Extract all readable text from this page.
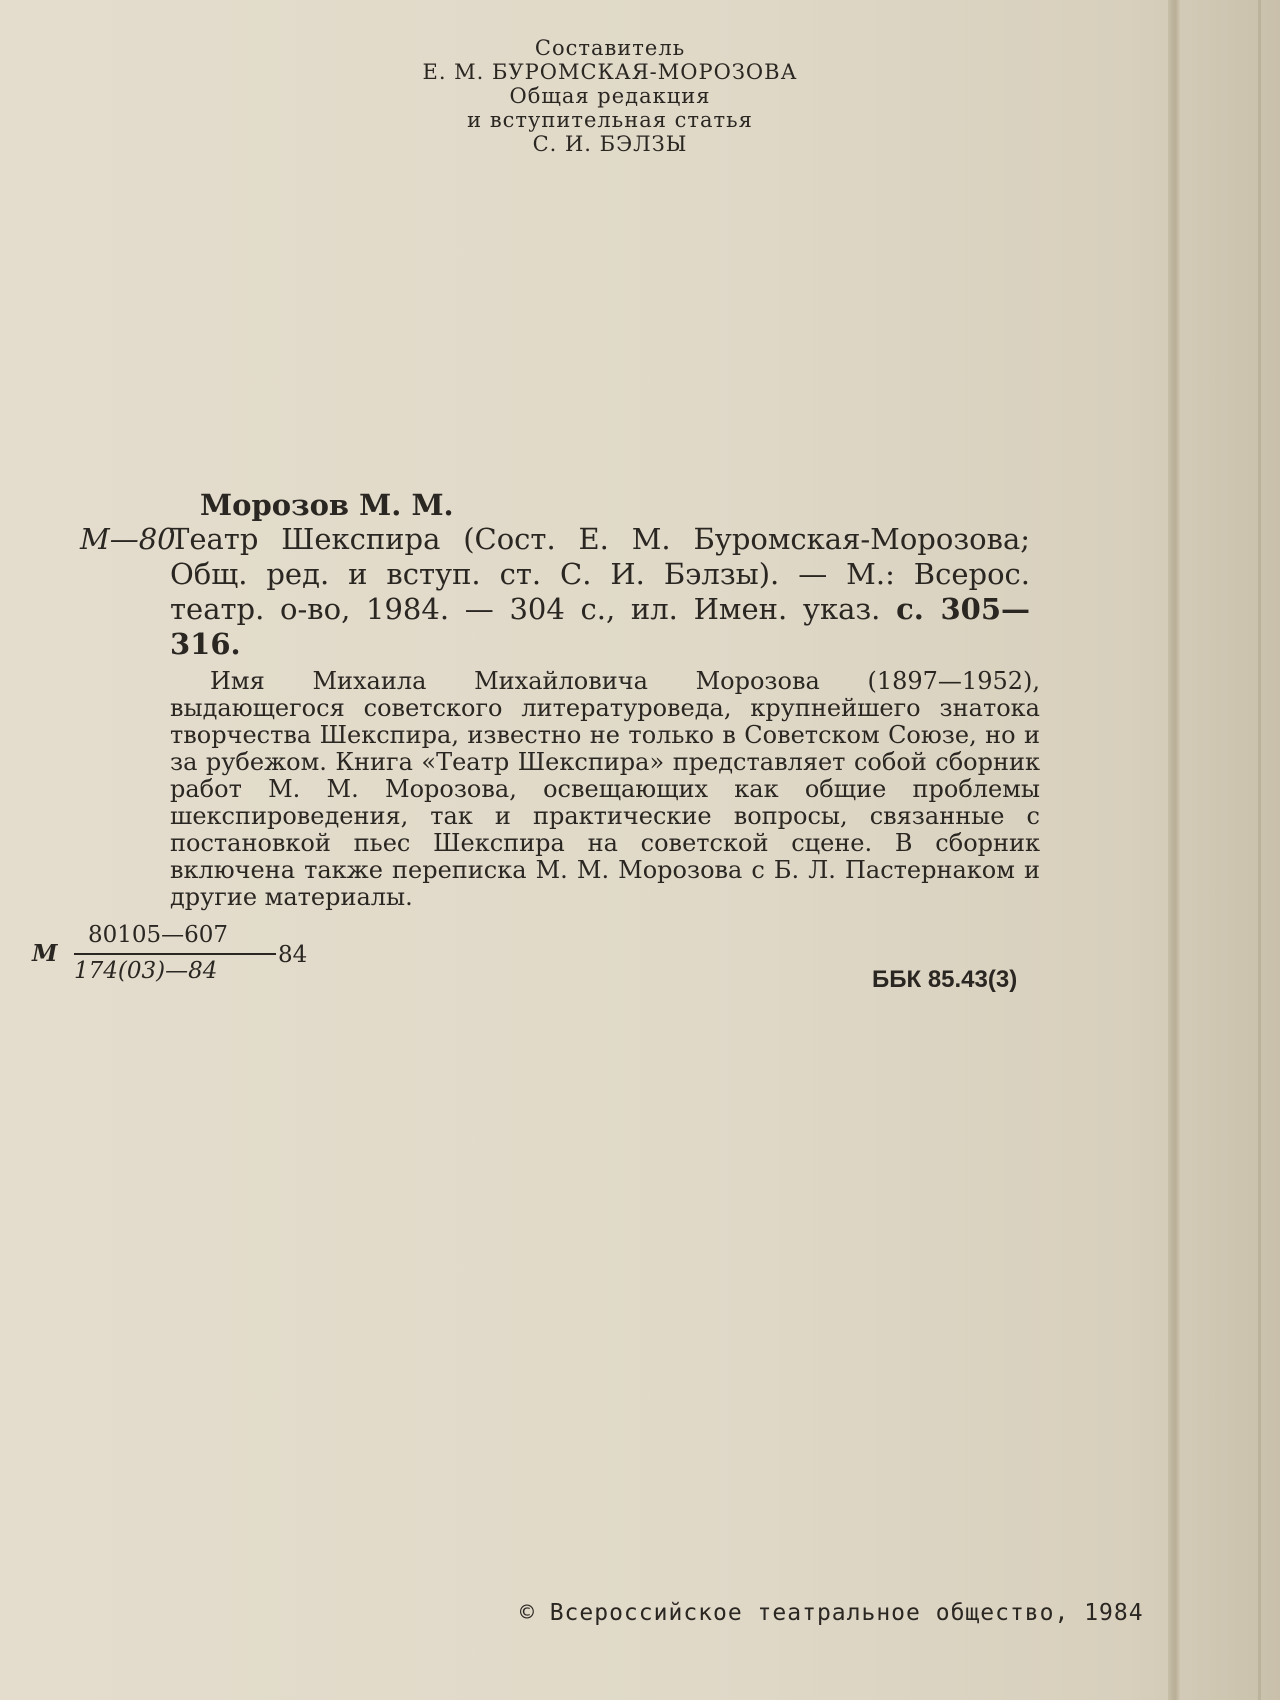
Составитель
Е. М. БУРОМСКАЯ-МОРОЗОВА
Общая редакция
и вступительная статья
С. И. БЭЛЗЫ
Морозов М. М.
М—80
Театр Шекспира (Сост. Е. М. Буромская-Морозова; Общ. ред. и вступ. ст. С. И. Бэлзы). — М.: Всерос. театр. о-во, 1984. — 304 с., ил. Имен. указ. с. 305—316.
Имя Михаила Михайловича Морозова (1897—1952), выдающегося советского литературоведа, крупнейшего знатока творчества Шекспира, известно не только в Советском Союзе, но и за рубежом. Книга «Театр Шекспира» представляет собой сборник работ М. М. Морозова, освещающих как общие проблемы шекспироведения, так и практические вопросы, связанные с постановкой пьес Шекспира на советской сцене. В сборник включена также переписка М. М. Морозова с Б. Л. Пастернаком и другие материалы.
М
80105—607
174(03)—84
84
ББК 85.43(3)
© Всероссийское театральное общество, 1984
